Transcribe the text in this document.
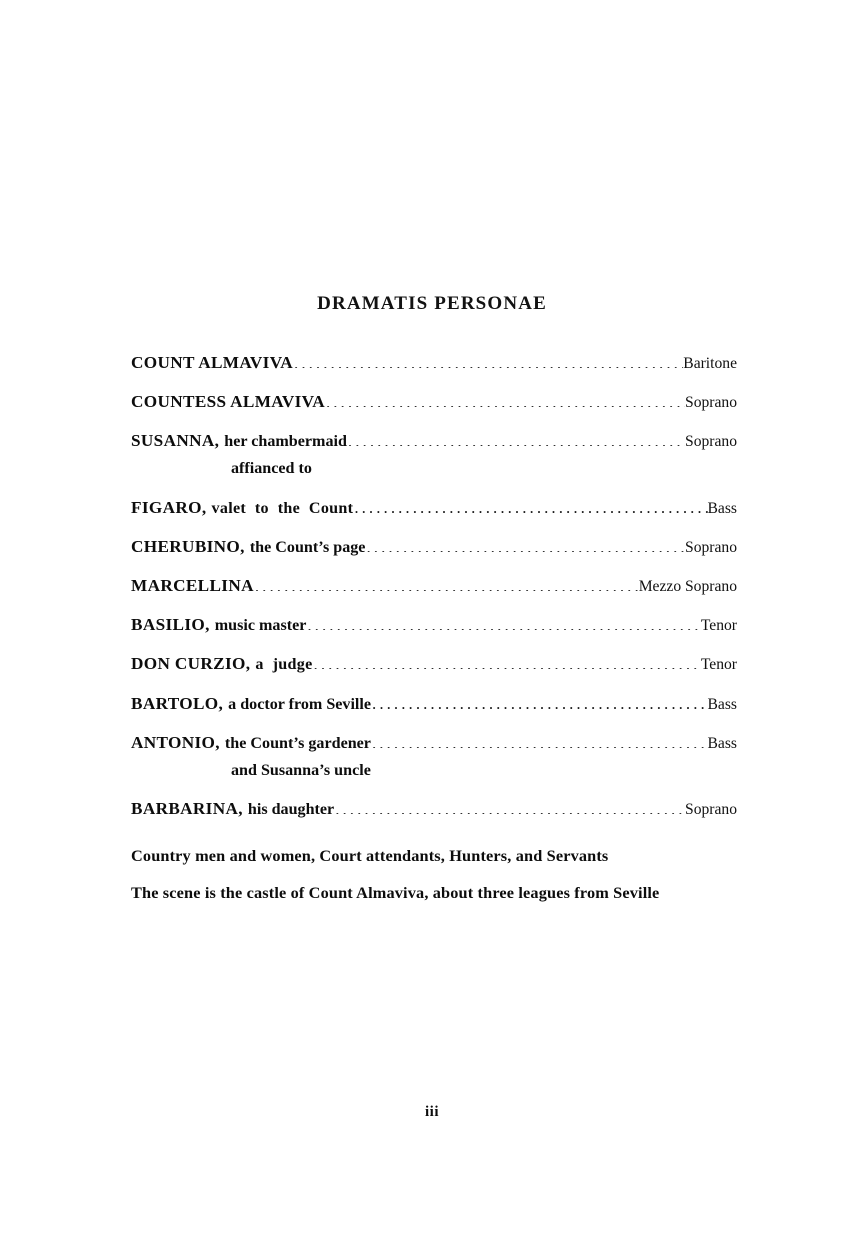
DRAMATIS PERSONAE
COUNT ALMAVIVA . . .	Baritone
COUNTESS ALMAVIVA . . .	Soprano
SUSANNA, her chambermaid . . .	Soprano
affianced to
FIGARO, valet to the Count . . .	Bass
CHERUBINO, the Count’s page . . .	Soprano
MARCELLINA . . .	Mezzo Soprano
BASILIO, music master . . .	Tenor
DON CURZIO, a judge . . .	Tenor
BARTOLO, a doctor from Seville . . .	Bass
ANTONIO, the Count’s gardener . . .	Bass
and Susanna’s uncle
BARBARINA, his daughter . . .	Soprano
Country men and women, Court attendants, Hunters, and Servants
The scene is the castle of Count Almaviva, about three leagues from Seville
iii
